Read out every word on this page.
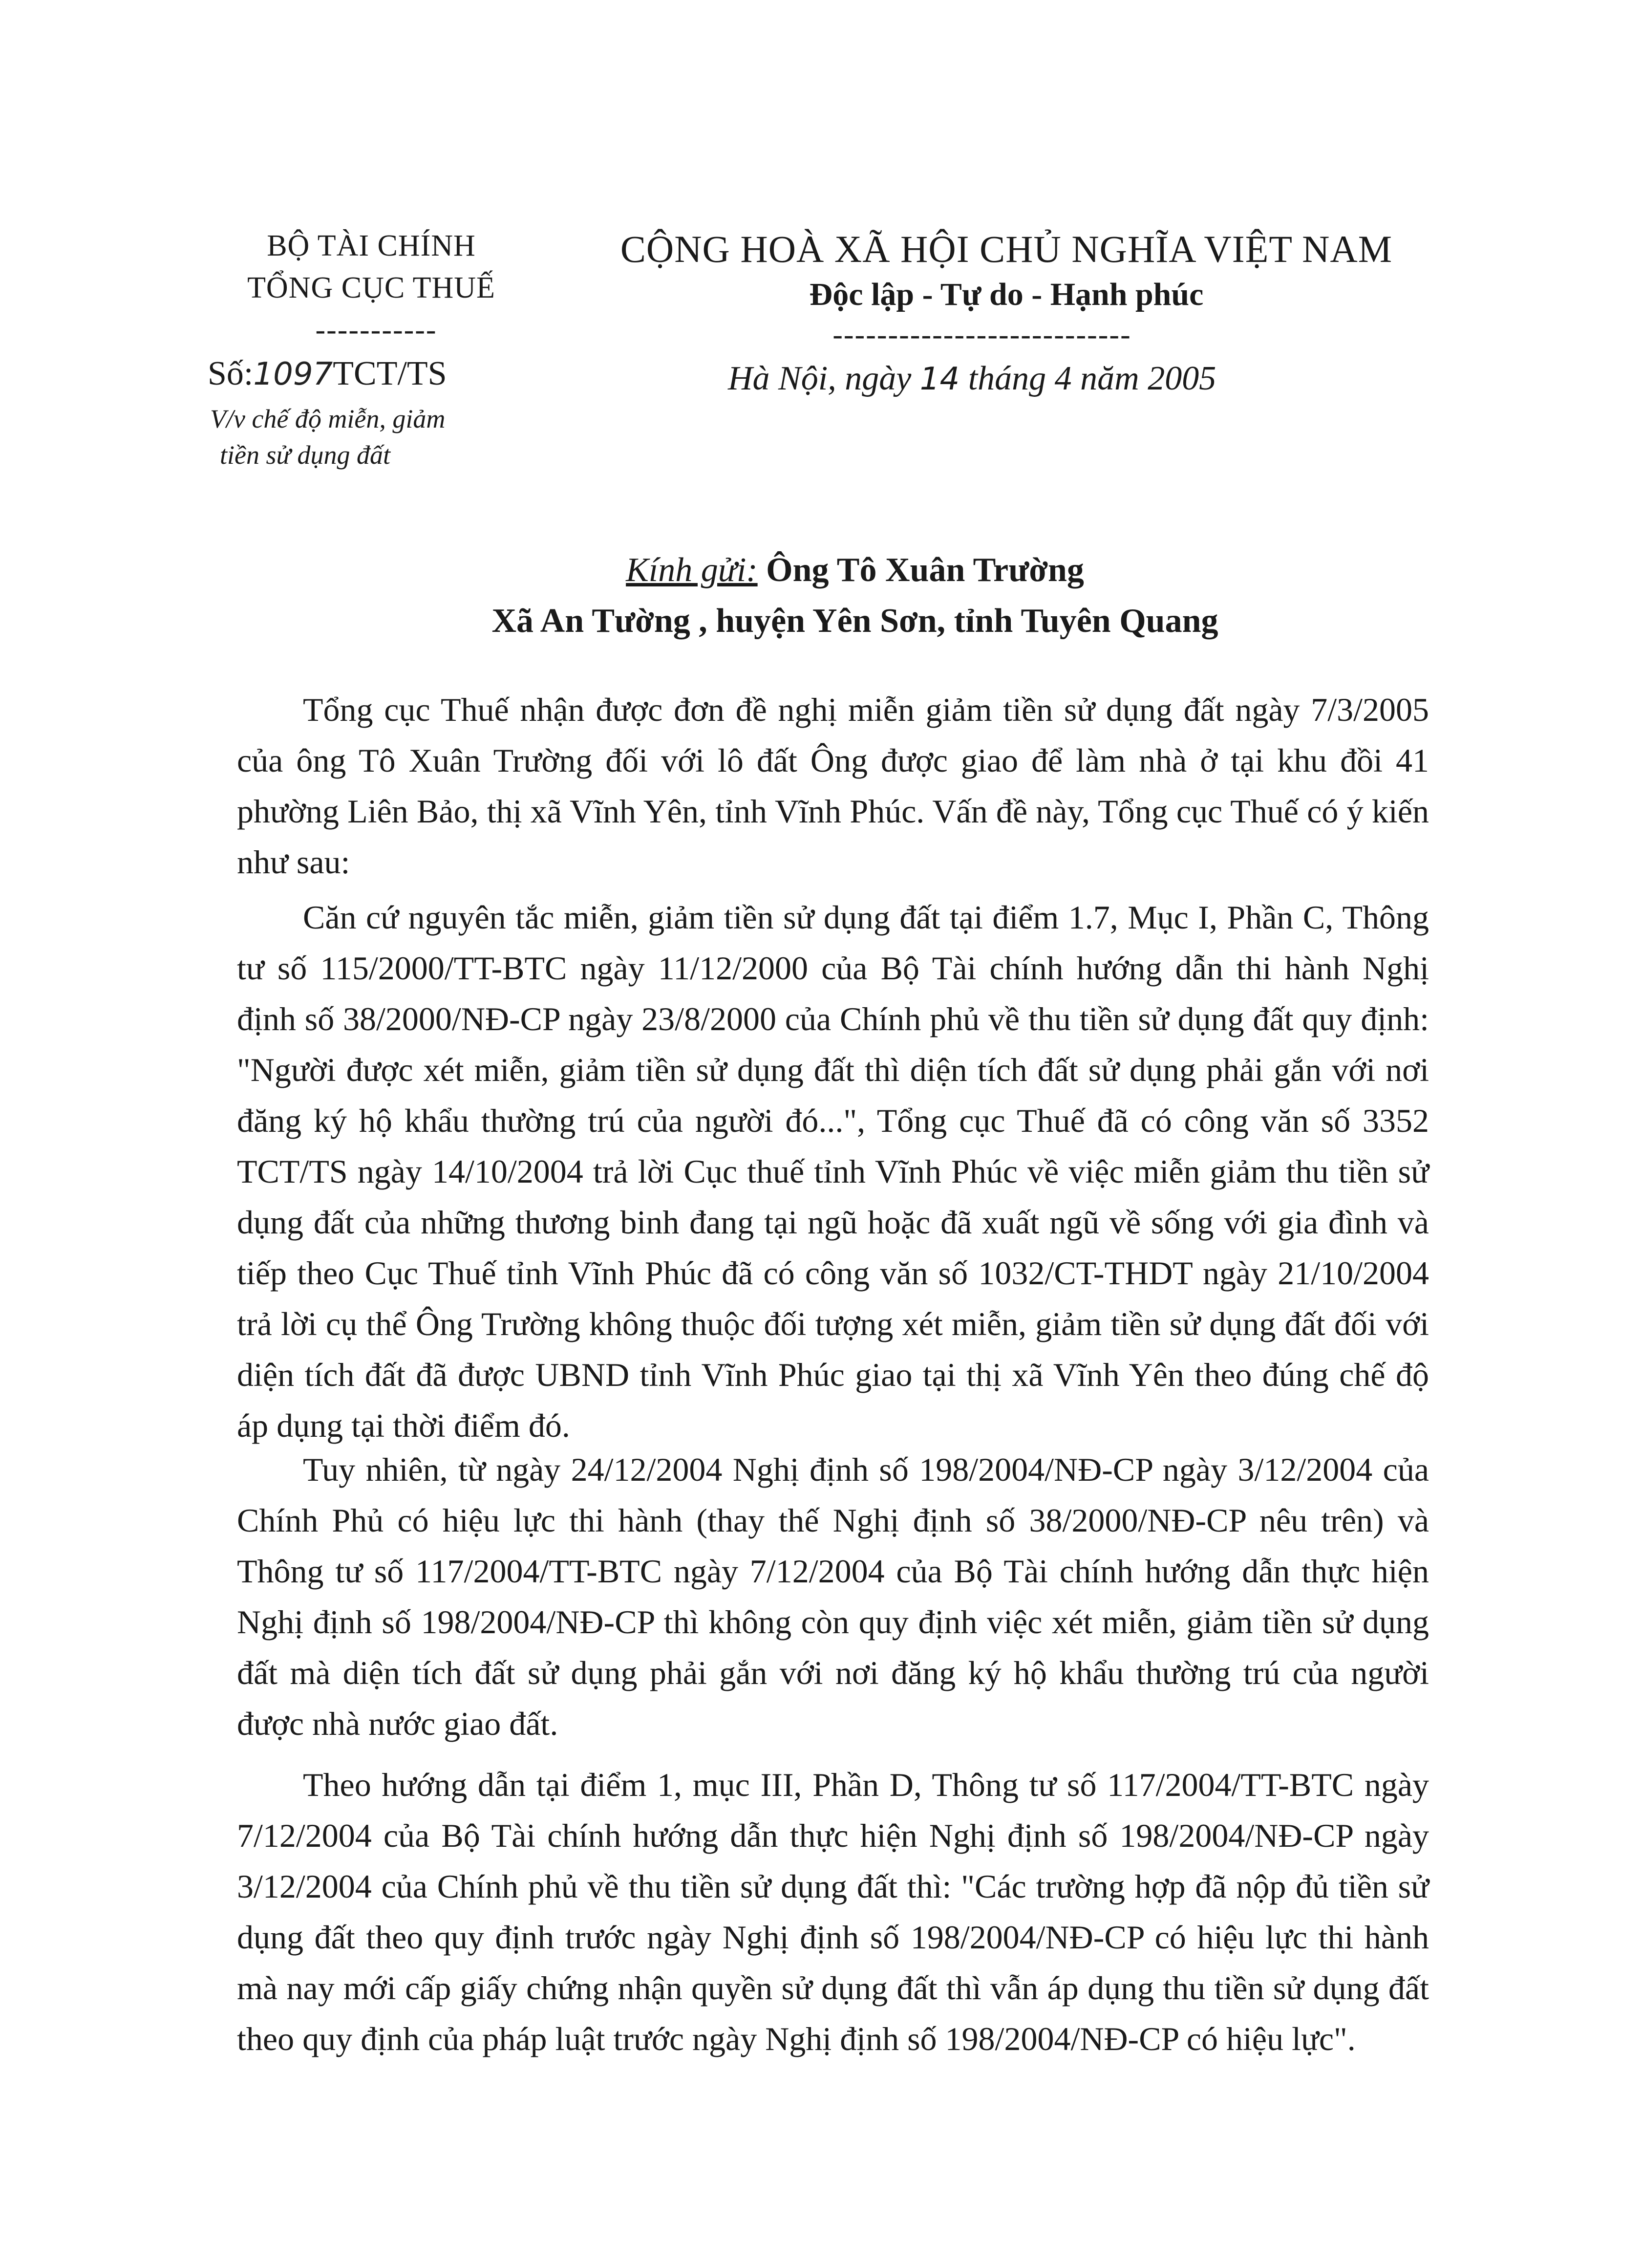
BỘ TÀI CHÍNH
TỔNG CỤC THUẾ
-----------
Số:1097TCT/TS
V/v chế độ miễn, giảm
tiền sử dụng đất
CỘNG HOÀ XÃ HỘI CHỦ NGHĨA VIỆT NAM
Độc lập - Tự do - Hạnh phúc
---------------------------
Hà Nội, ngày 14 tháng 4 năm 2005
Kính gửi: Ông Tô Xuân Trường
Xã An Tường , huyện Yên Sơn, tỉnh Tuyên Quang

Tổng cục Thuế nhận được đơn đề nghị miễn giảm tiền sử dụng đất ngày 7/3/2005 của ông Tô Xuân Trường đối với lô đất Ông được giao để làm nhà ở tại khu đồi 41 phường Liên Bảo, thị xã Vĩnh Yên, tỉnh Vĩnh Phúc. Vấn đề này, Tổng cục Thuế có ý kiến như sau:

Căn cứ nguyên tắc miễn, giảm tiền sử dụng đất tại điểm 1.7, Mục I, Phần C, Thông tư số 115/2000/TT-BTC ngày 11/12/2000 của Bộ Tài chính hướng dẫn thi hành Nghị định số 38/2000/NĐ-CP ngày 23/8/2000 của Chính phủ về thu tiền sử dụng đất quy định: "Người được xét miễn, giảm tiền sử dụng đất thì diện tích đất sử dụng phải gắn với nơi đăng ký hộ khẩu thường trú của người đó...", Tổng cục Thuế đã có công văn số 3352 TCT/TS ngày 14/10/2004 trả lời Cục thuế tỉnh Vĩnh Phúc về việc miễn giảm thu tiền sử dụng đất của những thương binh đang tại ngũ hoặc đã xuất ngũ về sống với gia đình và tiếp theo Cục Thuế tỉnh Vĩnh Phúc đã có công văn số 1032/CT-THDT ngày 21/10/2004 trả lời cụ thể Ông Trường không thuộc đối tượng xét miễn, giảm tiền sử dụng đất đối với diện tích đất đã được UBND tỉnh Vĩnh Phúc giao tại thị xã Vĩnh Yên theo đúng chế độ áp dụng tại thời điểm đó.

Tuy nhiên, từ ngày 24/12/2004 Nghị định số 198/2004/NĐ-CP ngày 3/12/2004 của Chính Phủ có hiệu lực thi hành (thay thế Nghị định số 38/2000/NĐ-CP nêu trên) và Thông tư số 117/2004/TT-BTC ngày 7/12/2004 của Bộ Tài chính hướng dẫn thực hiện Nghị định số 198/2004/NĐ-CP thì không còn quy định việc xét miễn, giảm tiền sử dụng đất mà diện tích đất sử dụng phải gắn với nơi đăng ký hộ khẩu thường trú của người được nhà nước giao đất.

Theo hướng dẫn tại điểm 1, mục III, Phần D, Thông tư số 117/2004/TT-BTC ngày 7/12/2004 của Bộ Tài chính hướng dẫn thực hiện Nghị định số 198/2004/NĐ-CP ngày 3/12/2004 của Chính phủ về thu tiền sử dụng đất thì: "Các trường hợp đã nộp đủ tiền sử dụng đất theo quy định trước ngày Nghị định số 198/2004/NĐ-CP có hiệu lực thi hành mà nay mới cấp giấy chứng nhận quyền sử dụng đất thì vẫn áp dụng thu tiền sử dụng đất theo quy định của pháp luật trước ngày Nghị định số 198/2004/NĐ-CP có hiệu lực".
